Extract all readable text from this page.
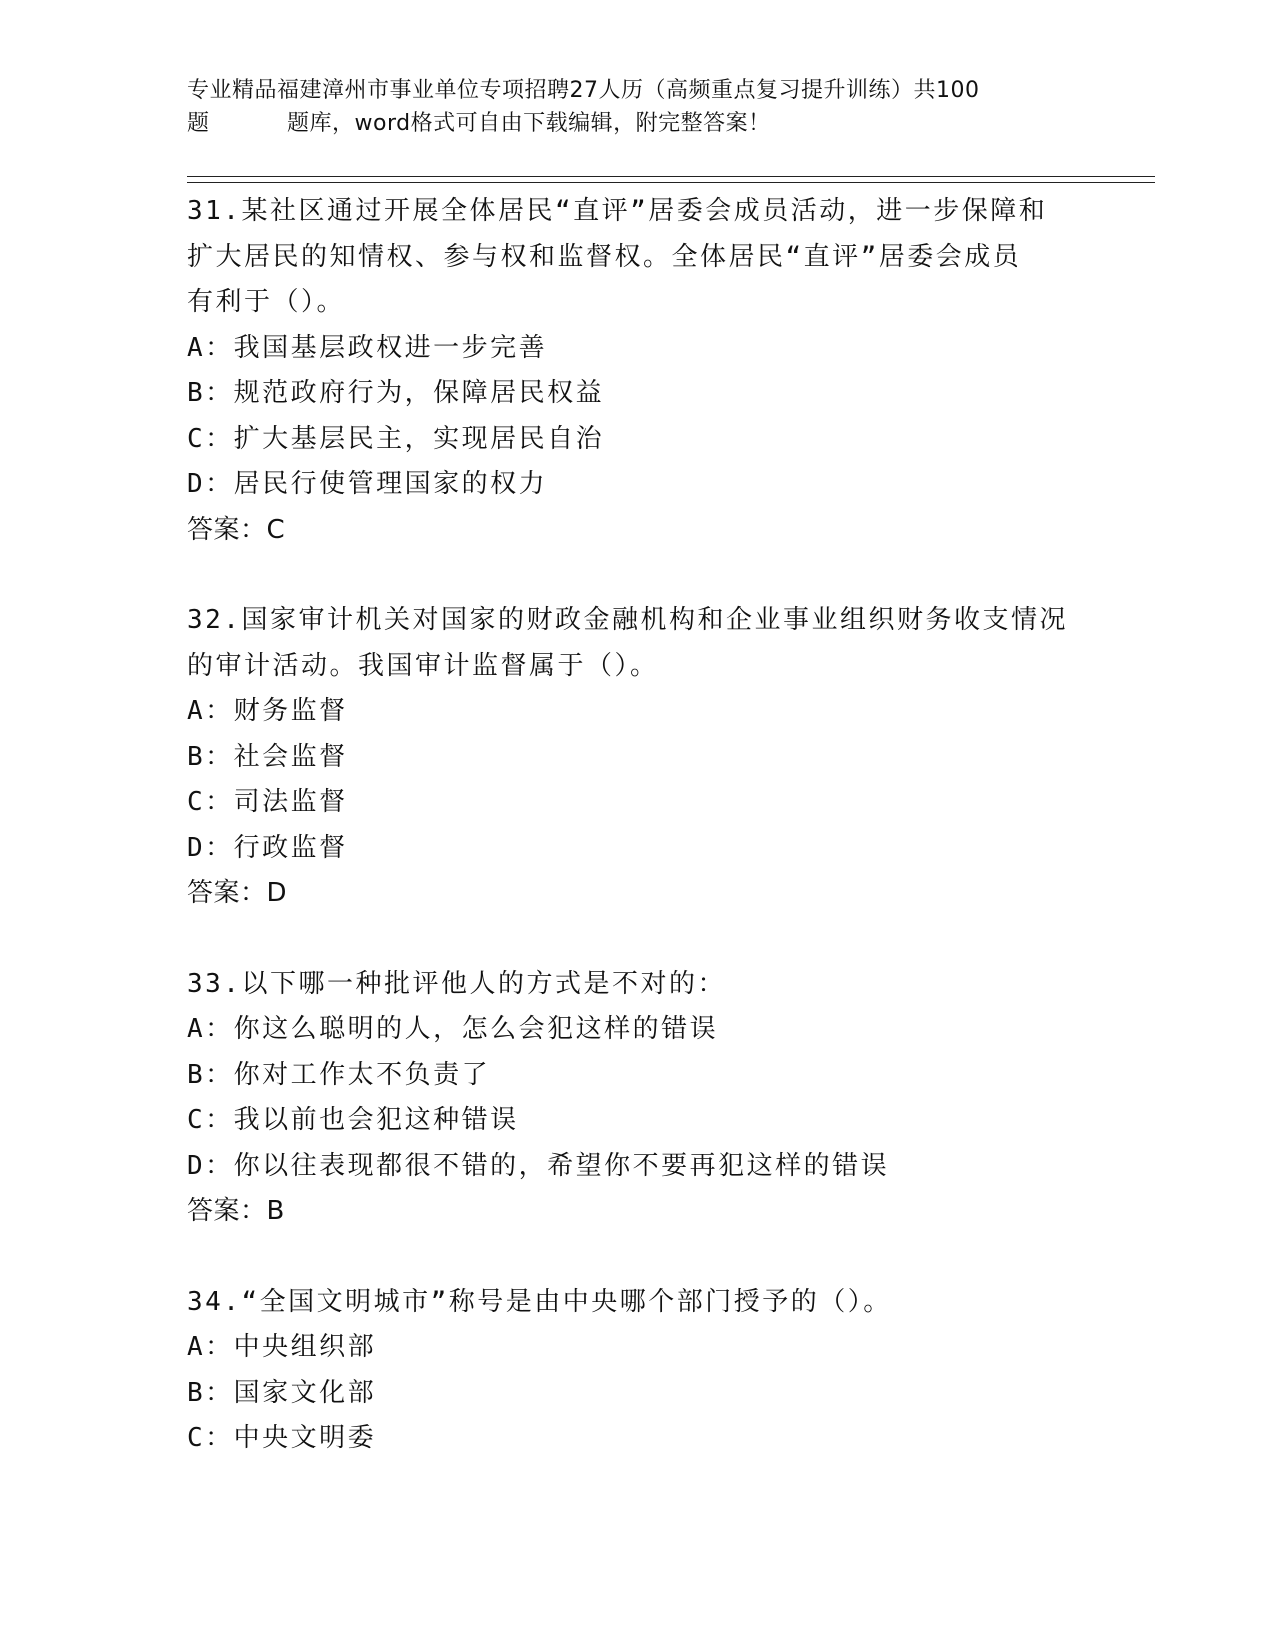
专业精品福建漳州市事业单位专项招聘27人历（高频重点复习提升训练）共100
题	题库，word格式可自由下载编辑，附完整答案！

31.某社区通过开展全体居民“直评”居委会成员活动，进一步保障和

扩大居民的知情权、参与权和监督权。全体居民“直评”居委会成员

有利于（）。

A：我国基层政权进一步完善

B：规范政府行为，保障居民权益

C：扩大基层民主，实现居民自治

D：居民行使管理国家的权力

答案：C

32.国家审计机关对国家的财政金融机构和企业事业组织财务收支情况

的审计活动。我国审计监督属于（）。

A：财务监督

B：社会监督

C：司法监督

D：行政监督

答案：D

33.以下哪一种批评他人的方式是不对的：

A：你这么聪明的人，怎么会犯这样的错误

B：你对工作太不负责了

C：我以前也会犯这种错误

D：你以往表现都很不错的，希望你不要再犯这样的错误

答案：B

34.“全国文明城市”称号是由中央哪个部门授予的（）。

A：中央组织部

B：国家文化部

C：中央文明委
